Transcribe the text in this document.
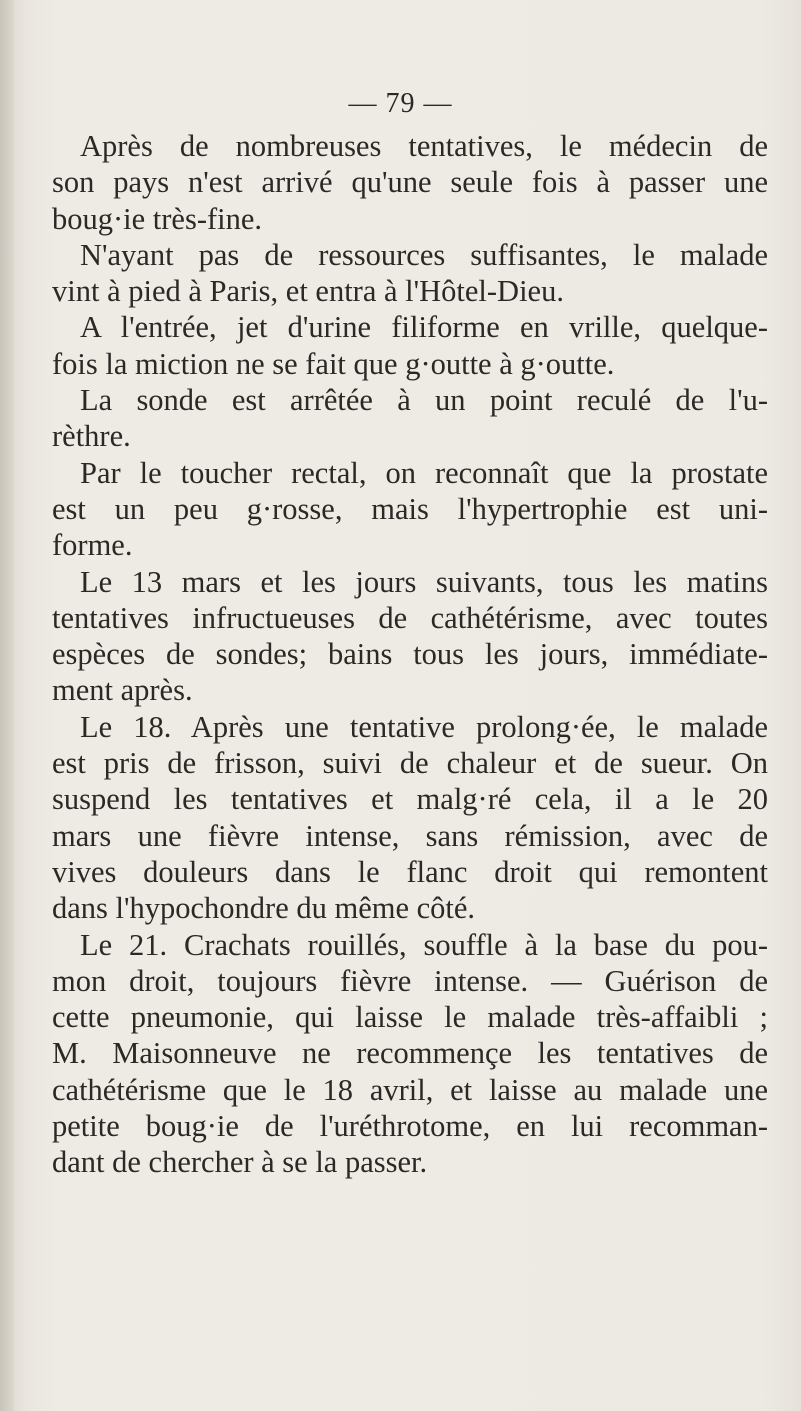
— 79 —
Après de nombreuses tentatives, le médecin de
son pays n'est arrivé qu'une seule fois à passer une
boug·ie très-fine.
N'ayant pas de ressources suffisantes, le malade
vint à pied à Paris, et entra à l'Hôtel-Dieu.
A l'entrée, jet d'urine filiforme en vrille, quelque-
fois la miction ne se fait que g·outte à g·outte.
La sonde est arrêtée à un point reculé de l'u-
rèthre.
Par le toucher rectal, on reconnaît que la prostate
est un peu g·rosse, mais l'hypertrophie est uni-
forme.
Le 13 mars et les jours suivants, tous les matins
tentatives infructueuses de cathétérisme, avec toutes
espèces de sondes; bains tous les jours, immédiate-
ment après.
Le 18. Après une tentative prolong·ée, le malade
est pris de frisson, suivi de chaleur et de sueur. On
suspend les tentatives et malg·ré cela, il a le 20
mars une fièvre intense, sans rémission, avec de
vives douleurs dans le flanc droit qui remontent
dans l'hypochondre du même côté.
Le 21. Crachats rouillés, souffle à la base du pou-
mon droit, toujours fièvre intense. — Guérison de
cette pneumonie, qui laisse le malade très-affaibli ;
M. Maisonneuve ne recommençe les tentatives de
cathétérisme que le 18 avril, et laisse au malade une
petite boug·ie de l'uréthrotome, en lui recomman-
dant de chercher à se la passer.
